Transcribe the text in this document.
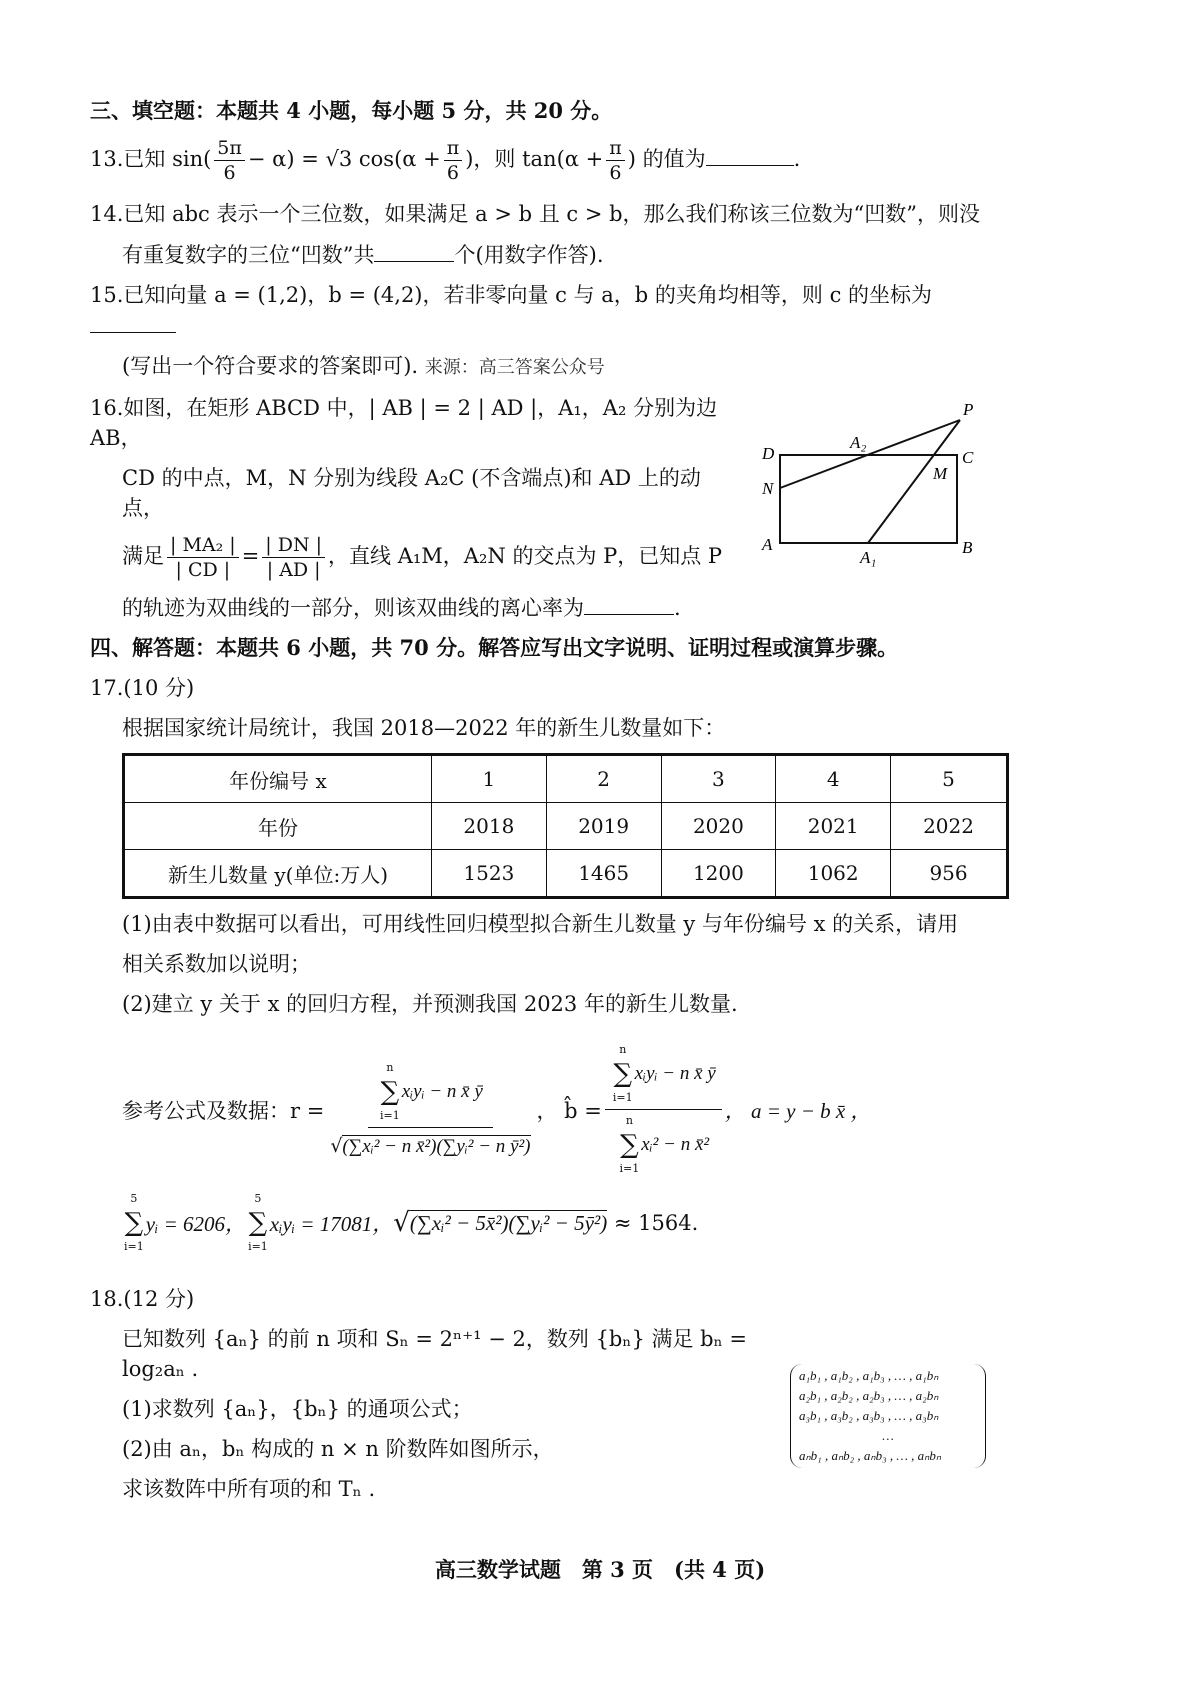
三、填空题：本题共 4 小题，每小题 5 分，共 20 分。
13.已知 $\sin( \frac{5\pi}{6} - \alpha) = √3$ $\cos(\alpha + \frac{\pi}{6}$ )，则 $\tan(\alpha + \frac{\pi}{6}$ ) 的值为	.
14.已知 abc 表示一个三位数，如果满足 a > b 且 c > b，那么我们称该三位数为“凹数”，则没
有重复数字的三位“凹数”共	个(用数字作答).
15.已知向量 a = (1,2)，b = (4,2)，若非零向量 c 与 a，b 的夹角均相等，则 c 的坐标为
(写出一个符合要求的答案即可). 来源：高三答案公众号
16.如图，在矩形 ABCD 中，| AB | = 2 | AD |，A₁，A₂ 分别为边 AB，
CD 的中点，M，N 分别为线段 A₂C (不含端点)和 AD 上的动点，
满足 $\frac{\text{| MA₂ |}}{| CD |} = \frac{| DN |}{| AD |}$ ，直线 A₁M，A₂N 的交点为 P，已知点 P
的轨迹为双曲线的一部分，则该双曲线的离心率为	.
P
D
A₂
C
M
N
A
A₁
B
四、解答题：本题共 6 小题，共 70 分。解答应写出文字说明、证明过程或演算步骤。
17.(10 分)
根据国家统计局统计，我国 2018—2022 年的新生儿数量如下：
年份编号 x	1	2	3	4	5
年份	2018	2019	2020	2021	2022
新生儿数量 y(单位:万人)	1523	1465	1200	1062	956
(1)由表中数据可以看出，可用线性回归模型拟合新生儿数量 y 与年份编号 x 的关系，请用
相关系数加以说明；
(2)建立 y 关于 x 的回归方程，并预测我国 2023 年的新生儿数量.
参考公式及数据：r = n
∑
i=1
xᵢyᵢ − n x̄ ȳ
√(∑xᵢ² − n x̄²)(∑yᵢ² − n ȳ²) ， b̂ = n
∑
i=1
xᵢyᵢ − n x̄ ȳ
n
∑
i=1
xᵢ² − n x̄² ， a = y − b x̄ ，
5
∑
i=1
yᵢ = 6206，
5
∑
i=1
xᵢyᵢ = 17081， √ (∑xᵢ² − 5x̄²)(∑yᵢ² − 5ȳ²)
≈ 1564.
18.(12 分)
已知数列 {aₙ} 的前 n 项和 Sₙ = 2ⁿ⁺¹ − 2，数列 {bₙ} 满足 bₙ = log₂aₙ .
(1)求数列 {aₙ}，{bₙ} 的通项公式；
(2)由 aₙ，bₙ 构成的 n × n 阶数阵如图所示，
求该数阵中所有项的和 Tₙ .
a₁b₁ , a₁b₂ , a₁b₃ , … , a₁bₙ
a₂b₁ , a₂b₂ , a₂b₃ , … , a₂bₙ
a₃b₁ , a₃b₂ , a₃b₃ , … , a₃bₙ
…
aₙb₁ , aₙb₂ , aₙb₃ , … , aₙbₙ
高三数学试题　第 3 页　(共 4 页)
